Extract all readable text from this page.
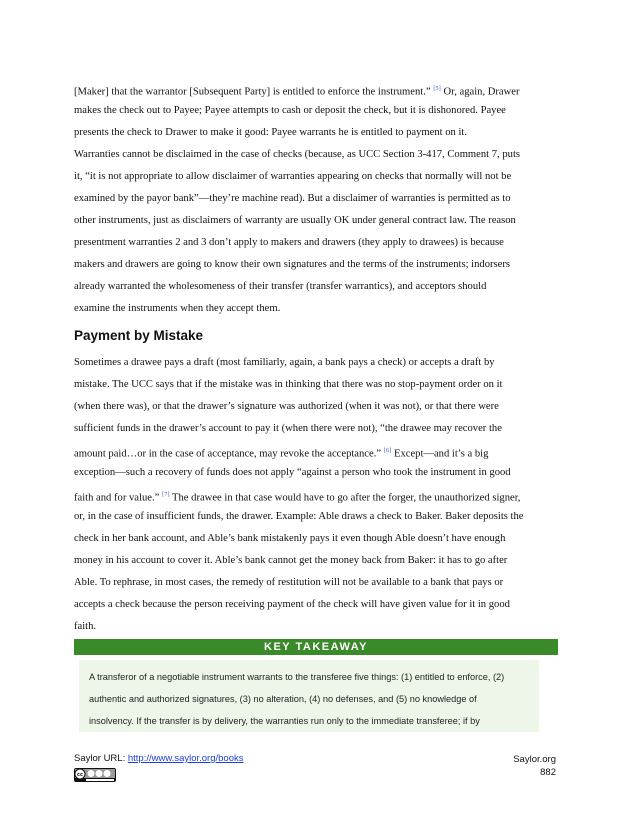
[Maker] that the warrantor [Subsequent Party] is entitled to enforce the instrument.” [5] Or, again, Drawer
makes the check out to Payee; Payee attempts to cash or deposit the check, but it is dishonored. Payee
presents the check to Drawer to make it good: Payee warrants he is entitled to payment on it.
Warranties cannot be disclaimed in the case of checks (because, as UCC Section 3-417, Comment 7, puts
it, “it is not appropriate to allow disclaimer of warranties appearing on checks that normally will not be
examined by the payor bank”—they’re machine read). But a disclaimer of warranties is permitted as to
other instruments, just as disclaimers of warranty are usually OK under general contract law. The reason
presentment warranties 2 and 3 don’t apply to makers and drawers (they apply to drawees) is because
makers and drawers are going to know their own signatures and the terms of the instruments; indorsers
already warranted the wholesomeness of their transfer (transfer warrantics), and acceptors should
examine the instruments when they accept them.
Payment by Mistake
Sometimes a drawee pays a draft (most familiarly, again, a bank pays a check) or accepts a draft by
mistake. The UCC says that if the mistake was in thinking that there was no stop-payment order on it
(when there was), or that the drawer’s signature was authorized (when it was not), or that there were
sufficient funds in the drawer’s account to pay it (when there were not), “the drawee may recover the
amount paid…or in the case of acceptance, may revoke the acceptance.” [6] Except—and it’s a big
exception—such a recovery of funds does not apply “against a person who took the instrument in good
faith and for value.” [7] The drawee in that case would have to go after the forger, the unauthorized signer,
or, in the case of insufficient funds, the drawer. Example: Able draws a check to Baker. Baker deposits the
check in her bank account, and Able’s bank mistakenly pays it even though Able doesn’t have enough
money in his account to cover it. Able’s bank cannot get the money back from Baker: it has to go after
Able. To rephrase, in most cases, the remedy of restitution will not be available to a bank that pays or
accepts a check because the person receiving payment of the check will have given value for it in good
faith.
KEY TAKEAWAY
A transferor of a negotiable instrument warrants to the transferee five things: (1) entitled to enforce, (2)
authentic and authorized signatures, (3) no alteration, (4) no defenses, and (5) no knowledge of
insolvency. If the transfer is by delivery, the warranties run only to the immediate transferee; if by
Saylor URL: http://www.saylor.org/books
cc
Saylor.org
882
